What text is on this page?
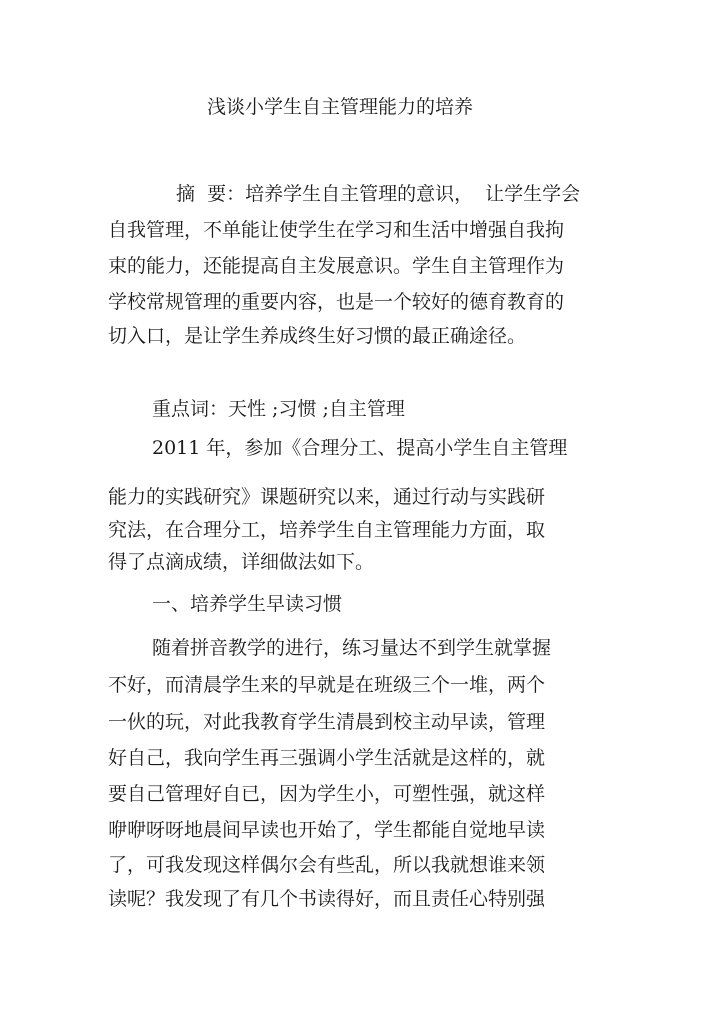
浅谈小学生自主管理能力的培养
摘  要：培养学生自主管理的意识，  让学生学会
自我管理，不单能让使学生在学习和生活中增强自我拘
束的能力，还能提高自主发展意识。学生自主管理作为
学校常规管理的重要内容，也是一个较好的德育教育的
切入口，是让学生养成终生好习惯的最正确途径。
重点词：天性 ;习惯 ;自主管理
2011 年，参加《合理分工、提高小学生自主管理
能力的实践研究》课题研究以来，通过行动与实践研
究法，在合理分工，培养学生自主管理能力方面，取
得了点滴成绩，详细做法如下。
一、培养学生早读习惯
随着拼音教学的进行，练习量达不到学生就掌握
不好，而清晨学生来的早就是在班级三个一堆，两个
一伙的玩，对此我教育学生清晨到校主动早读，管理
好自己，我向学生再三强调小学生活就是这样的，就
要自己管理好自已，因为学生小，可塑性强，就这样
咿咿呀呀地晨间早读也开始了，学生都能自觉地早读
了，可我发现这样偶尔会有些乱，所以我就想谁来领
读呢？我发现了有几个书读得好，而且责任心特别强
